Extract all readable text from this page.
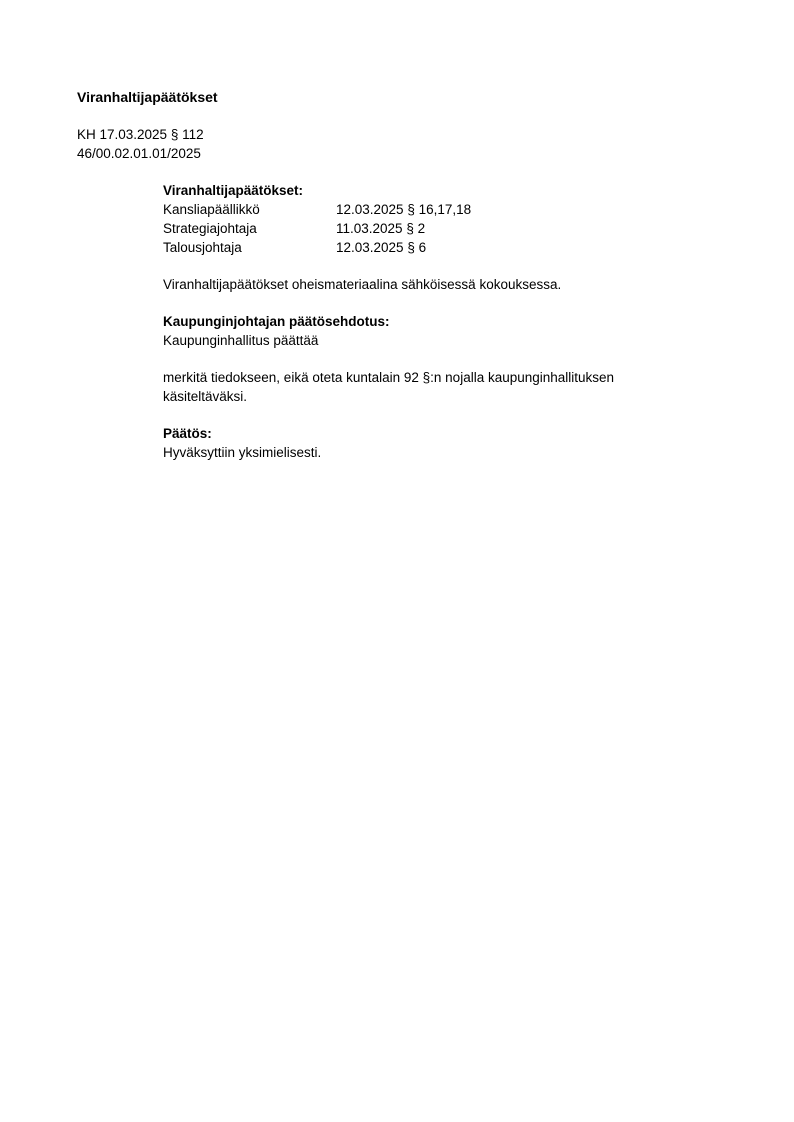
Viranhaltijapäätökset
KH 17.03.2025 § 112
46/00.02.01.01/2025
Viranhaltijapäätökset:
Kansliapäällikkö	12.03.2025 § 16,17,18
Strategiajohtaja	11.03.2025 § 2
Talousjohtaja	12.03.2025 § 6
Viranhaltijapäätökset oheismateriaalina sähköisessä kokouksessa.
Kaupunginjohtajan päätösehdotus:
Kaupunginhallitus päättää
merkitä tiedokseen, eikä oteta kuntalain 92 §:n nojalla kaupunginhallituksen käsiteltäväksi.
Päätös:
Hyväksyttiin yksimielisesti.
